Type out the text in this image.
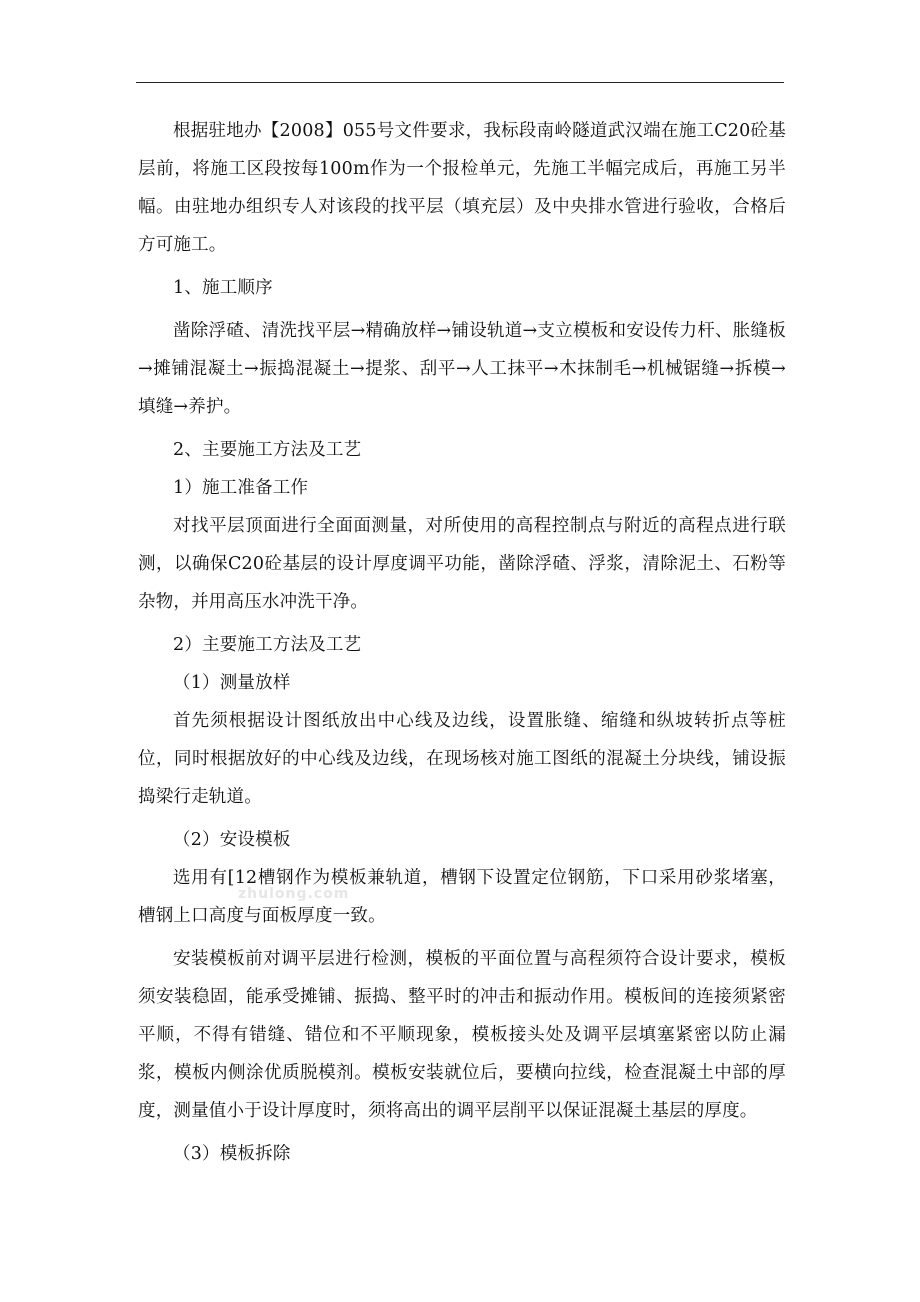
根据驻地办【2008】055号文件要求，我标段南岭隧道武汉端在施工C20砼基层前，将施工区段按每100m作为一个报检单元，先施工半幅完成后，再施工另半幅。由驻地办组织专人对该段的找平层（填充层）及中央排水管进行验收，合格后方可施工。

1、施工顺序

凿除浮碴、清洗找平层→精确放样→铺设轨道→支立模板和安设传力杆、胀缝板→摊铺混凝土→振捣混凝土→提浆、刮平→人工抹平→木抹制毛→机械锯缝→拆模→填缝→养护。

2、主要施工方法及工艺

1）施工准备工作

对找平层顶面进行全面面测量，对所使用的高程控制点与附近的高程点进行联测，以确保C20砼基层的设计厚度调平功能，凿除浮碴、浮浆，清除泥土、石粉等杂物，并用高压水冲洗干净。

2）主要施工方法及工艺

（1）测量放样

首先须根据设计图纸放出中心线及边线，设置胀缝、缩缝和纵坡转折点等桩位，同时根据放好的中心线及边线，在现场核对施工图纸的混凝土分块线，铺设振捣梁行走轨道。

（2）安设模板

选用有[12槽钢作为模板兼轨道，槽钢下设置定位钢筋，下口采用砂浆堵塞，槽钢上口高度与面板厚度一致。

安装模板前对调平层进行检测，模板的平面位置与高程须符合设计要求，模板须安装稳固，能承受摊铺、振捣、整平时的冲击和振动作用。模板间的连接须紧密平顺，不得有错缝、错位和不平顺现象，模板接头处及调平层填塞紧密以防止漏浆，模板内侧涂优质脱模剂。模板安装就位后，要横向拉线，检查混凝土中部的厚度，测量值小于设计厚度时，须将高出的调平层削平以保证混凝土基层的厚度。

（3）模板拆除

zhulong.com
